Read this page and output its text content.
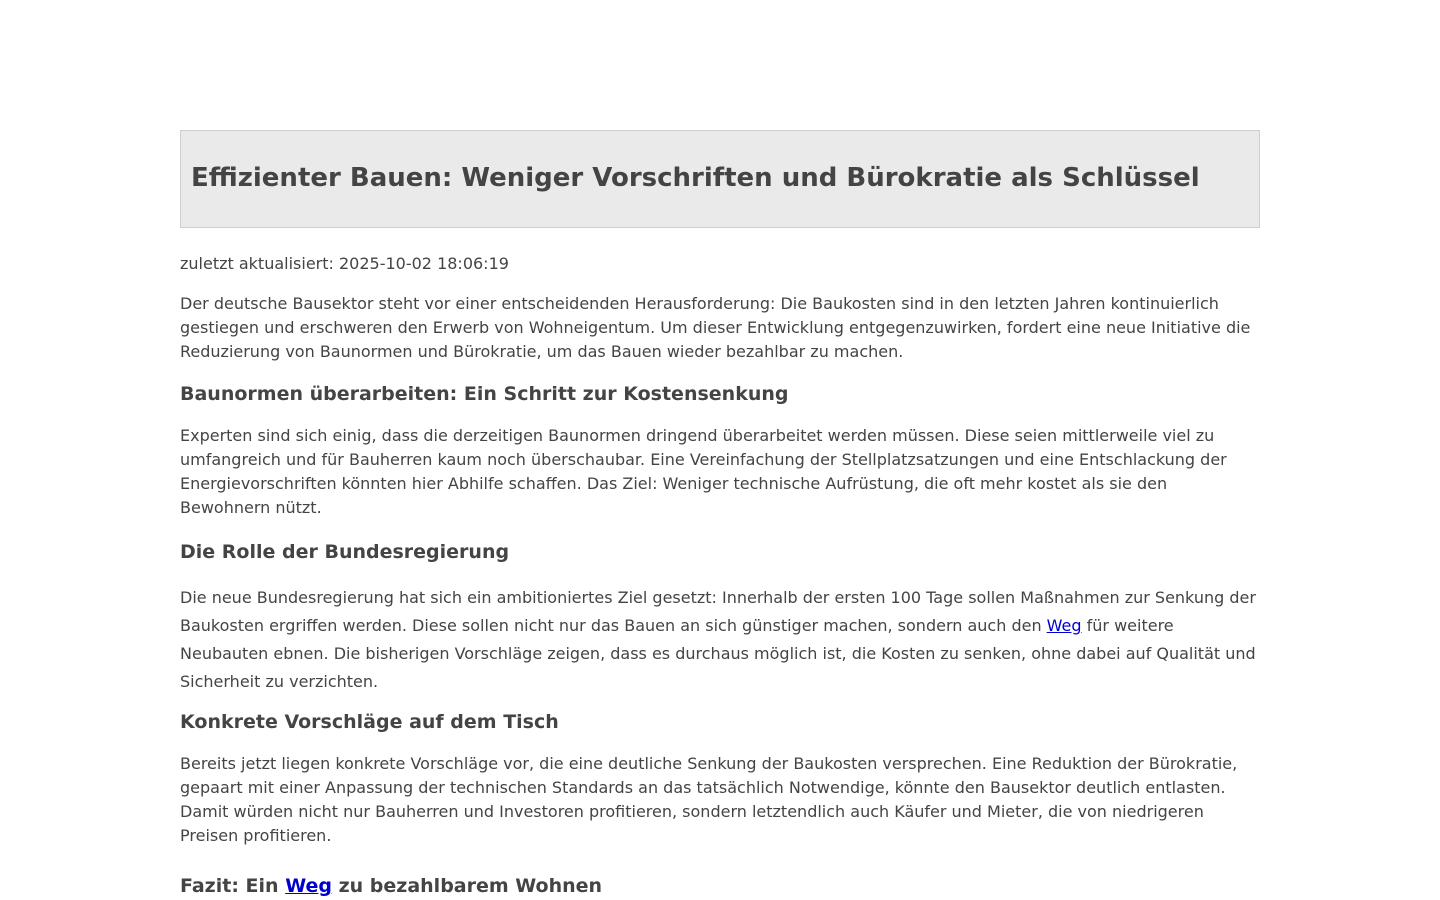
Effizienter Bauen: Weniger Vorschriften und Bürokratie als Schlüssel
zuletzt aktualisiert: 2025-10-02 18:06:19

Der deutsche Bausektor steht vor einer entscheidenden Herausforderung: Die Baukosten sind in den letzten Jahren kontinuierlich gestiegen und erschweren den Erwerb von Wohneigentum. Um dieser Entwicklung entgegenzuwirken, fordert eine neue Initiative die Reduzierung von Baunormen und Bürokratie, um das Bauen wieder bezahlbar zu machen.

Baunormen überarbeiten: Ein Schritt zur Kostensenkung

Experten sind sich einig, dass die derzeitigen Baunormen dringend überarbeitet werden müssen. Diese seien mittlerweile viel zu umfangreich und für Bauherren kaum noch überschaubar. Eine Vereinfachung der Stellplatzsatzungen und eine Entschlackung der Energievorschriften könnten hier Abhilfe schaffen. Das Ziel: Weniger technische Aufrüstung, die oft mehr kostet als sie den Bewohnern nützt.

Die Rolle der Bundesregierung

Die neue Bundesregierung hat sich ein ambitioniertes Ziel gesetzt: Innerhalb der ersten 100 Tage sollen Maßnahmen zur Senkung der Baukosten ergriffen werden. Diese sollen nicht nur das Bauen an sich günstiger machen, sondern auch den Weg für weitere Neubauten ebnen. Die bisherigen Vorschläge zeigen, dass es durchaus möglich ist, die Kosten zu senken, ohne dabei auf Qualität und Sicherheit zu verzichten.

Konkrete Vorschläge auf dem Tisch

Bereits jetzt liegen konkrete Vorschläge vor, die eine deutliche Senkung der Baukosten versprechen. Eine Reduktion der Bürokratie, gepaart mit einer Anpassung der technischen Standards an das tatsächlich Notwendige, könnte den Bausektor deutlich entlasten. Damit würden nicht nur Bauherren und Investoren profitieren, sondern letztendlich auch Käufer und Mieter, die von niedrigeren Preisen profitieren.

Fazit: Ein Weg zu bezahlbarem Wohnen
